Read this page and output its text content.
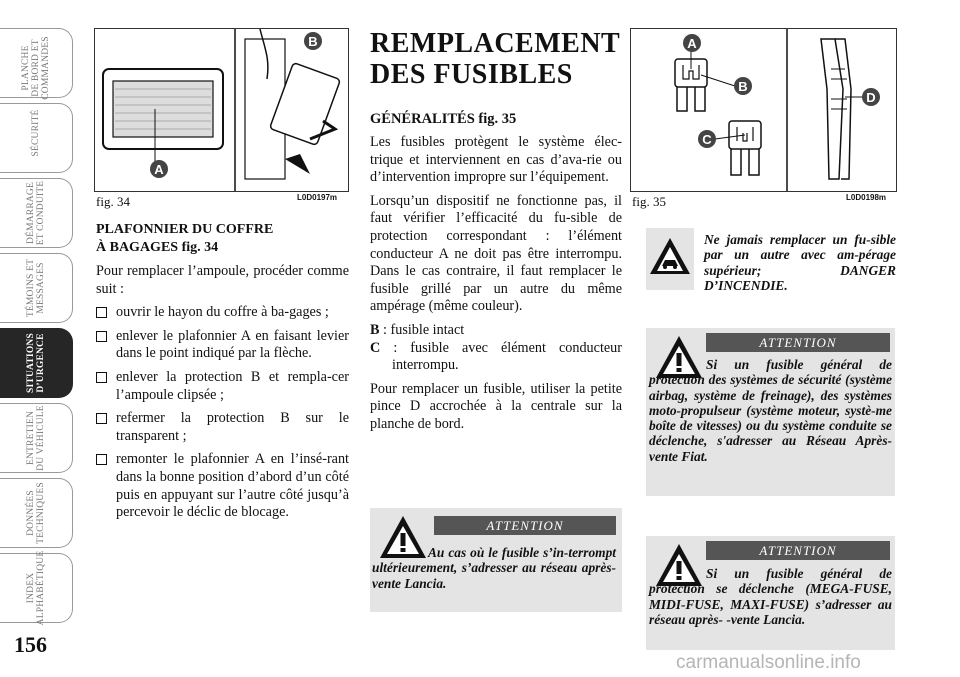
PLANCHE
DE BORD ET
COMMANDES
SÉCURITÉ
DÉMARRAGE
ET CONDUITE
TÉMOINS ET
MESSAGES
SITUATIONS
D’URGENCE
ENTRETIEN
DU VÉHICULE
DONNÉES
TECHNIQUES
INDEX
ALPHABÉTIQUE
156
A
B
fig. 34	L0D0197m
PLAFONNIER DU COFFRE
À BAGAGES fig. 34

Pour remplacer l’ampoule, procéder comme suit :

ouvrir le hayon du coffre à ba-gages ;
enlever le plafonnier A en faisant levier dans le point indiqué par la flèche.
enlever la protection B et rempla-cer l’ampoule clipsée ;
refermer la protection B sur le transparent ;
remonter le plafonnier A en l’insé-rant dans la bonne position d’abord d’un côté puis en appuyant sur l’autre côté jusqu’à percevoir le déclic de blocage.
REMPLACEMENT
DES FUSIBLES
GÉNÉRALITÉS fig. 35

Les fusibles protègent le système élec-trique et interviennent en cas d’ava-rie ou d’intervention impropre sur l’équipement.

Lorsqu’un dispositif ne fonctionne pas, il faut vérifier l’efficacité du fu-sible de protection correspondant : l’élément conducteur A ne doit pas être interrompu. Dans le cas contraire, il faut remplacer le fusible grillé par un autre du même ampérage (même couleur).

B : fusible intact

C : fusible avec élément conducteur interrompu.

Pour remplacer un fusible, utiliser la petite pince D accrochée à la centrale sur la planche de bord.

ATTENTION
Au cas où le fusible s’in-terrompt ultérieurement, s’adresser au réseau après-vente Lancia.
A
B
C
D
fig. 35	L0D0198m
Ne jamais remplacer un fu-sible par un autre avec am-pérage supérieur; DANGER D’INCENDIE.
ATTENTION
Si un fusible général de protection des systèmes de sécurité (système airbag, système de freinage), des systèmes moto-propulseur (système moteur, systè-me boîte de vitesses) ou du système conduite se déclenche, s'adresser au Réseau Après-vente Fiat.
ATTENTION
Si un fusible général de protection se déclenche (MEGA-FUSE, MIDI-FUSE, MAXI-FUSE) s’adresser au réseau après- -vente Lancia.
carmanualsonline.info
